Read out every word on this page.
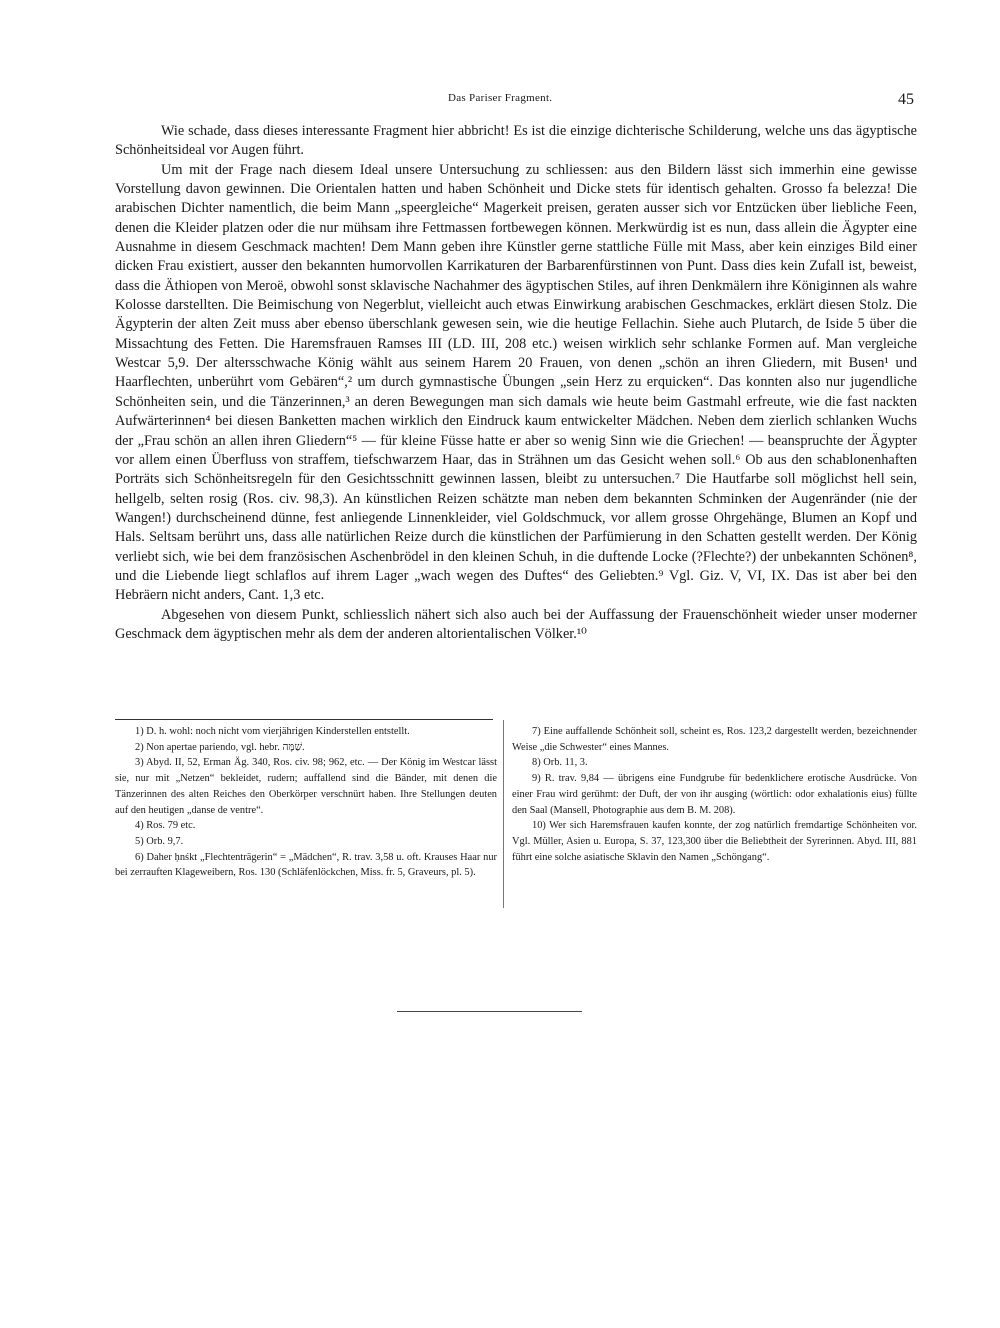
Das Pariser Fragment.	45

Wie schade, dass dieses interessante Fragment hier abbricht! Es ist die einzige dichterische Schilderung, welche uns das ägyptische Schönheitsideal vor Augen führt.

Um mit der Frage nach diesem Ideal unsere Untersuchung zu schliessen: aus den Bildern lässt sich immerhin eine gewisse Vorstellung davon gewinnen. Die Orientalen hatten und haben Schönheit und Dicke stets für identisch gehalten. Grosso fa belezza! Die arabischen Dichter namentlich, die beim Mann „speergleiche“ Magerkeit preisen, geraten ausser sich vor Entzücken über liebliche Feen, denen die Kleider platzen oder die nur mühsam ihre Fettmassen fortbewegen können. Merkwürdig ist es nun, dass allein die Ägypter eine Ausnahme in diesem Geschmack machten! Dem Mann geben ihre Künstler gerne stattliche Fülle mit Mass, aber kein einziges Bild einer dicken Frau existiert, ausser den bekannten humorvollen Karrikaturen der Barbarenfürstinnen von Punt. Dass dies kein Zufall ist, beweist, dass die Äthiopen von Meroë, obwohl sonst sklavische Nachahmer des ägyptischen Stiles, auf ihren Denkmälern ihre Königinnen als wahre Kolosse darstellten. Die Beimischung von Negerblut, vielleicht auch etwas Einwirkung arabischen Geschmackes, erklärt diesen Stolz. Die Ägypterin der alten Zeit muss aber ebenso überschlank gewesen sein, wie die heutige Fellachin. Siehe auch Plutarch, de Iside 5 über die Missachtung des Fetten. Die Haremsfrauen Ramses III (LD. III, 208 etc.) weisen wirklich sehr schlanke Formen auf. Man vergleiche Westcar 5,9. Der altersschwache König wählt aus seinem Harem 20 Frauen, von denen „schön an ihren Gliedern, mit Busen¹ und Haarflechten, unberührt vom Gebären“,² um durch gymnastische Übungen „sein Herz zu erquicken“. Das konnten also nur jugendliche Schönheiten sein, und die Tänzerinnen,³ an deren Bewegungen man sich damals wie heute beim Gastmahl erfreute, wie die fast nackten Aufwärterinnen⁴ bei diesen Banketten machen wirklich den Eindruck kaum entwickelter Mädchen. Neben dem zierlich schlanken Wuchs der „Frau schön an allen ihren Gliedern“⁵ — für kleine Füsse hatte er aber so wenig Sinn wie die Griechen! — beanspruchte der Ägypter vor allem einen Überfluss von straffem, tiefschwarzem Haar, das in Strähnen um das Gesicht wehen soll.⁶ Ob aus den schablonenhaften Porträts sich Schönheitsregeln für den Gesichtsschnitt gewinnen lassen, bleibt zu untersuchen.⁷ Die Hautfarbe soll möglichst hell sein, hellgelb, selten rosig (Ros. civ. 98,3). An künstlichen Reizen schätzte man neben dem bekannten Schminken der Augenränder (nie der Wangen!) durchscheinend dünne, fest anliegende Linnenkleider, viel Goldschmuck, vor allem grosse Ohrgehänge, Blumen an Kopf und Hals. Seltsam berührt uns, dass alle natürlichen Reize durch die künstlichen der Parfümierung in den Schatten gestellt werden. Der König verliebt sich, wie bei dem französischen Aschenbrödel in den kleinen Schuh, in die duftende Locke (?Flechte?) der unbekannten Schönen⁸, und die Liebende liegt schlaflos auf ihrem Lager „wach wegen des Duftes“ des Geliebten.⁹ Vgl. Giz. V, VI, IX. Das ist aber bei den Hebräern nicht anders, Cant. 1,3 etc.

Abgesehen von diesem Punkt, schliesslich nähert sich also auch bei der Auffassung der Frauenschönheit wieder unser moderner Geschmack dem ägyptischen mehr als dem der anderen altorientalischen Völker.¹⁰

1) D. h. wohl: noch nicht vom vierjährigen Kinderstellen entstellt.

2) Non apertae pariendo, vgl. hebr. שַׁמָּה.

3) Abyd. II, 52, Erman Äg. 340, Ros. civ. 98; 962, etc. — Der König im Westcar lässt sie, nur mit „Netzen“ bekleidet, rudern; auffallend sind die Bänder, mit denen die Tänzerinnen des alten Reiches den Oberkörper verschnürt haben. Ihre Stellungen deuten auf den heutigen „danse de ventre“.

4) Ros. 79 etc.

5) Orb. 9,7.

6) Daher ḥnśkt „Flechtenträgerin“ = „Mädchen“, R. trav. 3,58 u. oft. Krauses Haar nur bei zerrauften Klageweibern, Ros. 130 (Schläfenlöckchen, Miss. fr. 5, Graveurs, pl. 5).

7) Eine auffallende Schönheit soll, scheint es, Ros. 123,2 dargestellt werden, bezeichnender Weise „die Schwester“ eines Mannes.

8) Orb. 11, 3.

9) R. trav. 9,84 — übrigens eine Fundgrube für bedenklichere erotische Ausdrücke. Von einer Frau wird gerühmt: der Duft, der von ihr ausging (wörtlich: odor exhalationis eius) füllte den Saal (Mansell, Photographie aus dem B. M. 208).

10) Wer sich Haremsfrauen kaufen konnte, der zog natürlich fremdartige Schönheiten vor. Vgl. Müller, Asien u. Europa, S. 37, 123,300 über die Beliebtheit der Syrerinnen. Abyd. III, 881 führt eine solche asiatische Sklavin den Namen „Schöngang“.
